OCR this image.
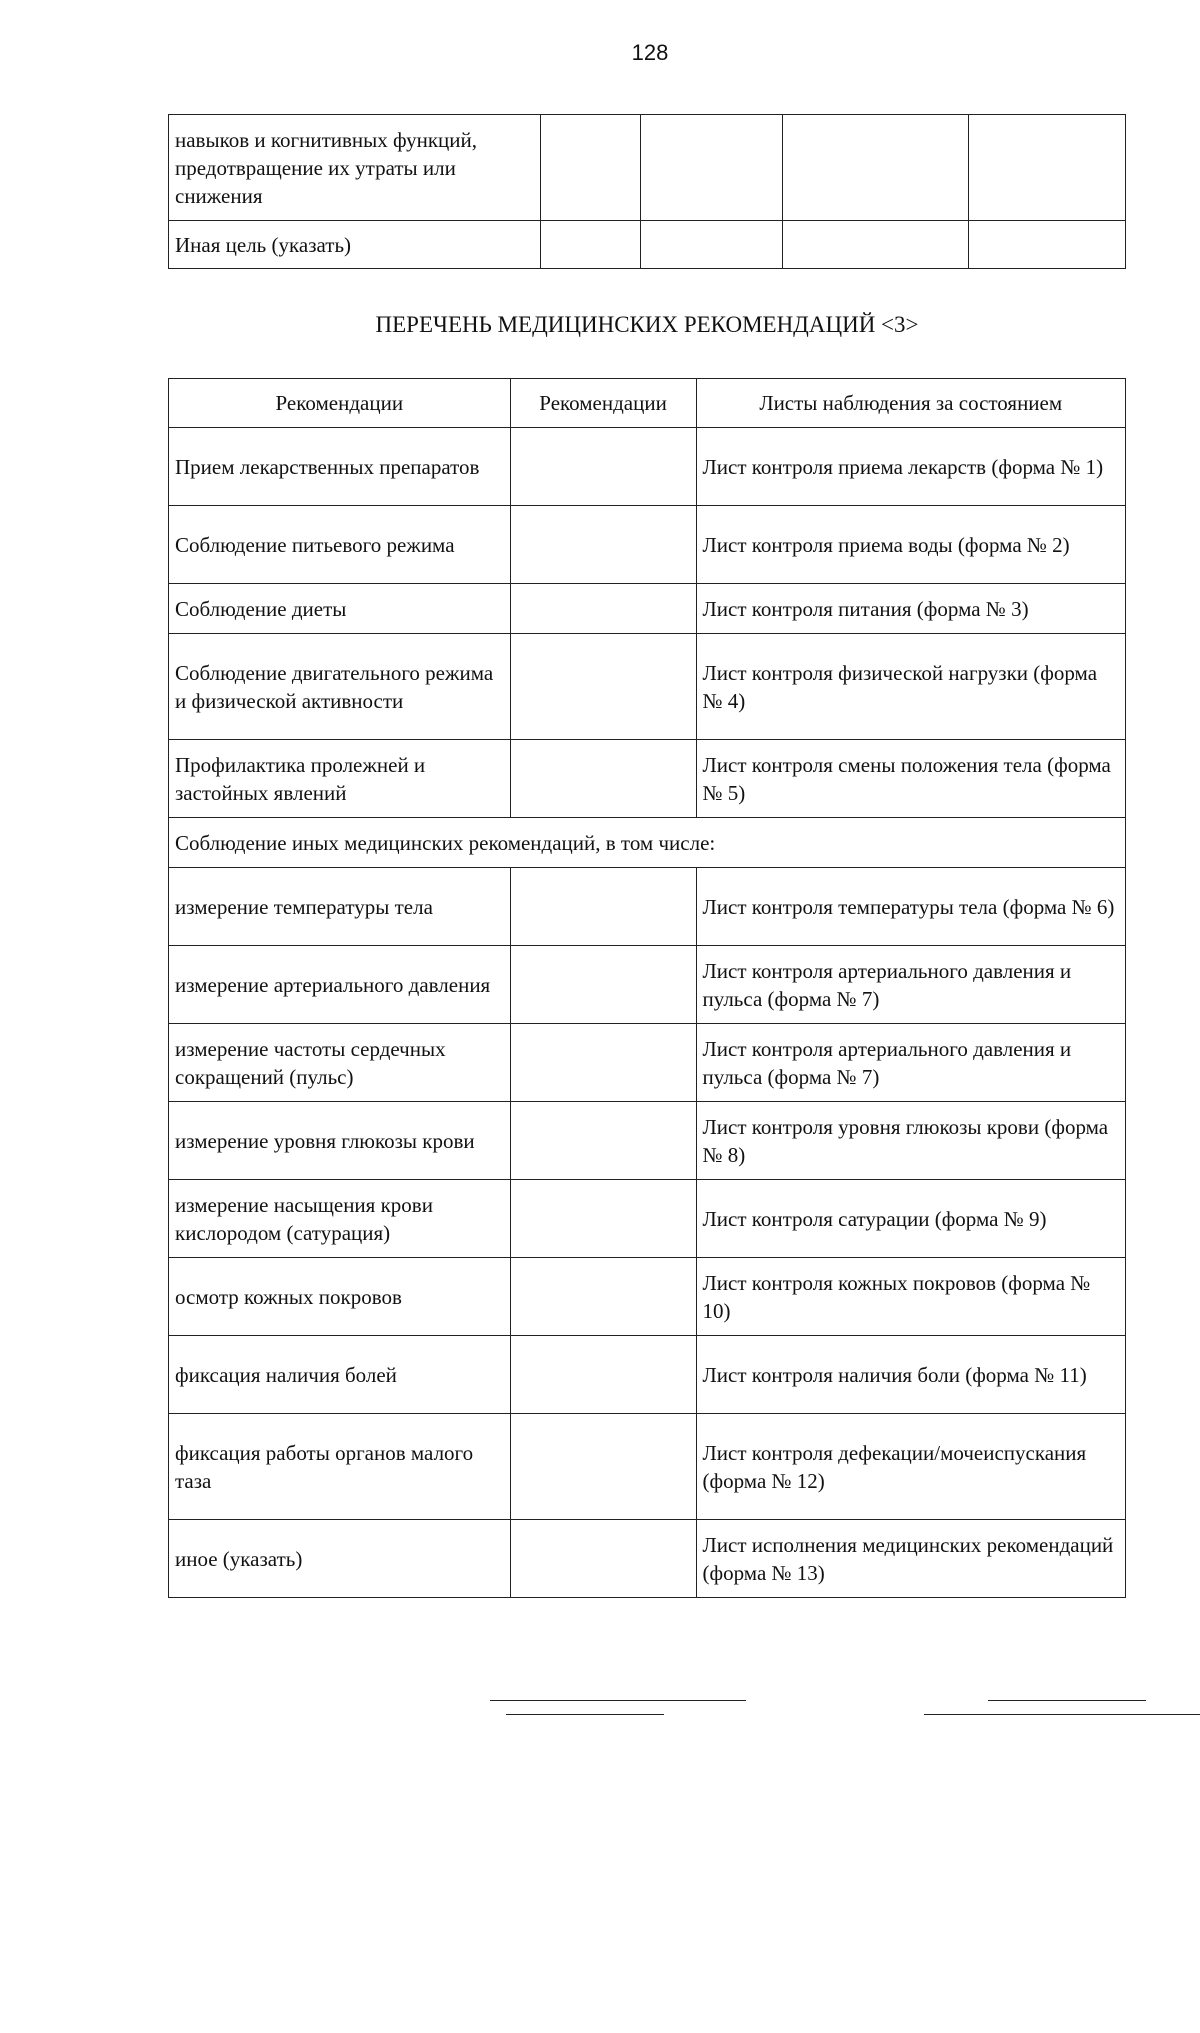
128
навыков и когнитивных функций, предотвращение их утраты или снижения				
Иная цель (указать)				
ПЕРЕЧЕНЬ МЕДИЦИНСКИХ РЕКОМЕНДАЦИЙ <3>
Рекомендации	Рекомендации	Листы наблюдения за состоянием
Прием лекарственных препаратов		Лист контроля приема лекарств (форма № 1)
Соблюдение питьевого режима		Лист контроля приема воды (форма № 2)
Соблюдение диеты		Лист контроля питания (форма № 3)
Соблюдение двигательного режима и физической активности		Лист контроля физической нагрузки (форма № 4)
Профилактика пролежней и застойных явлений		Лист контроля смены положения тела (форма № 5)
Соблюдение иных медицинских рекомендаций, в том числе:		
измерение температуры тела		Лист контроля температуры тела (форма № 6)
измерение артериального давления		Лист контроля артериального давления и пульса (форма № 7)
измерение частоты сердечных сокращений (пульс)		Лист контроля артериального давления и пульса (форма № 7)
измерение уровня глюкозы крови		Лист контроля уровня глюкозы крови (форма № 8)
измерение насыщения крови кислородом (сатурация)		Лист контроля сатурации (форма № 9)
осмотр кожных покровов		Лист контроля кожных покровов (форма № 10)
фиксация наличия болей		Лист контроля наличия боли (форма № 11)
фиксация работы органов малого таза		Лист контроля дефекации/мочеиспускания (форма № 12)
иное (указать)		Лист исполнения медицинских рекомендаций (форма № 13)
